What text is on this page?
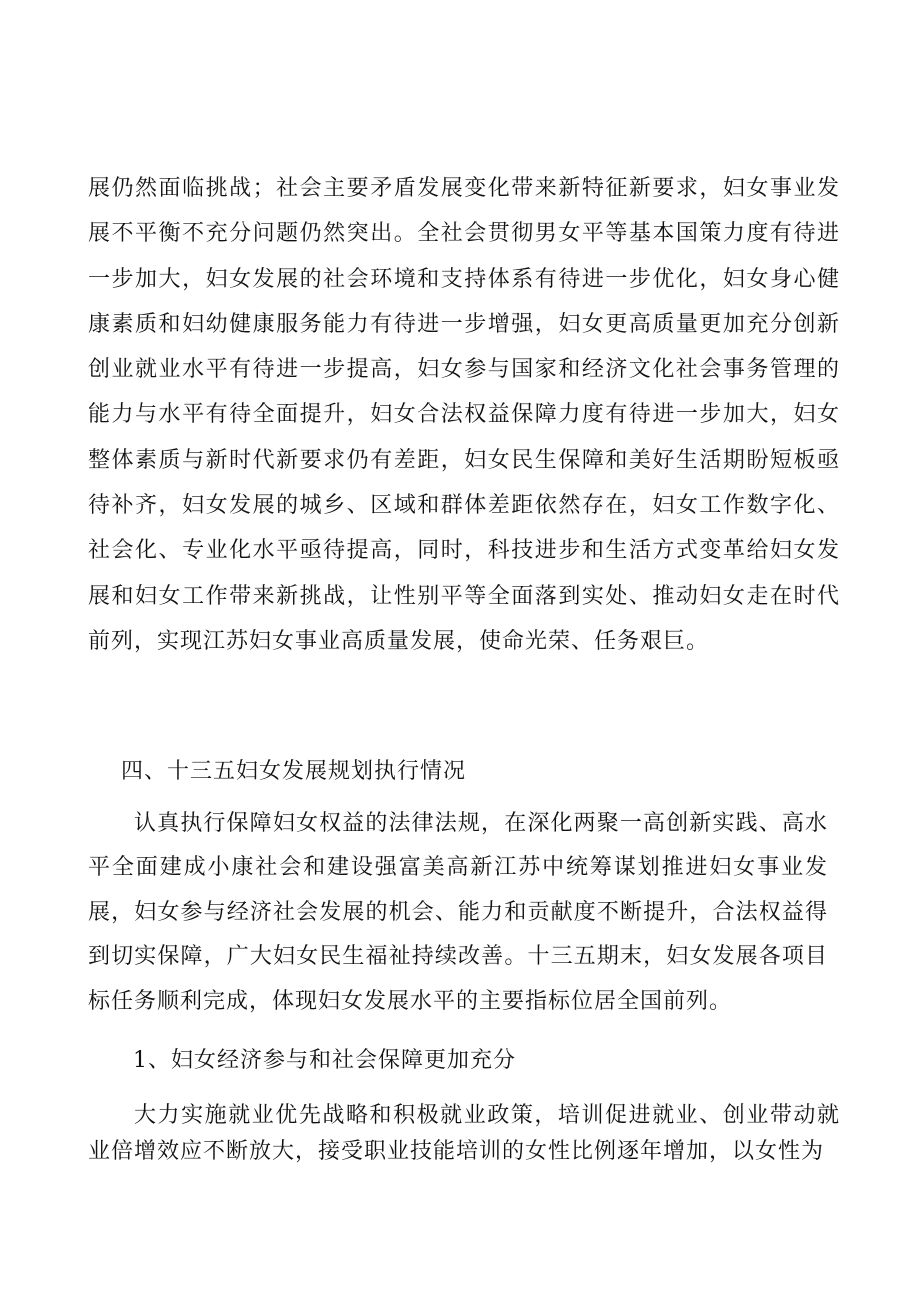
展仍然面临挑战；社会主要矛盾发展变化带来新特征新要求，妇女事业发展不平衡不充分问题仍然突出。全社会贯彻男女平等基本国策力度有待进一步加大，妇女发展的社会环境和支持体系有待进一步优化，妇女身心健康素质和妇幼健康服务能力有待进一步增强，妇女更高质量更加充分创新创业就业水平有待进一步提高，妇女参与国家和经济文化社会事务管理的能力与水平有待全面提升，妇女合法权益保障力度有待进一步加大，妇女整体素质与新时代新要求仍有差距，妇女民生保障和美好生活期盼短板亟待补齐，妇女发展的城乡、区域和群体差距依然存在，妇女工作数字化、社会化、专业化水平亟待提高，同时，科技进步和生活方式变革给妇女发展和妇女工作带来新挑战，让性别平等全面落到实处、推动妇女走在时代前列，实现江苏妇女事业高质量发展，使命光荣、任务艰巨。

四、十三五妇女发展规划执行情况

认真执行保障妇女权益的法律法规，在深化两聚一高创新实践、高水平全面建成小康社会和建设强富美高新江苏中统筹谋划推进妇女事业发展，妇女参与经济社会发展的机会、能力和贡献度不断提升，合法权益得到切实保障，广大妇女民生福祉持续改善。十三五期末，妇女发展各项目标任务顺利完成，体现妇女发展水平的主要指标位居全国前列。

1、妇女经济参与和社会保障更加充分

大力实施就业优先战略和积极就业政策，培训促进就业、创业带动就业倍增效应不断放大，接受职业技能培训的女性比例逐年增加，以女性为
